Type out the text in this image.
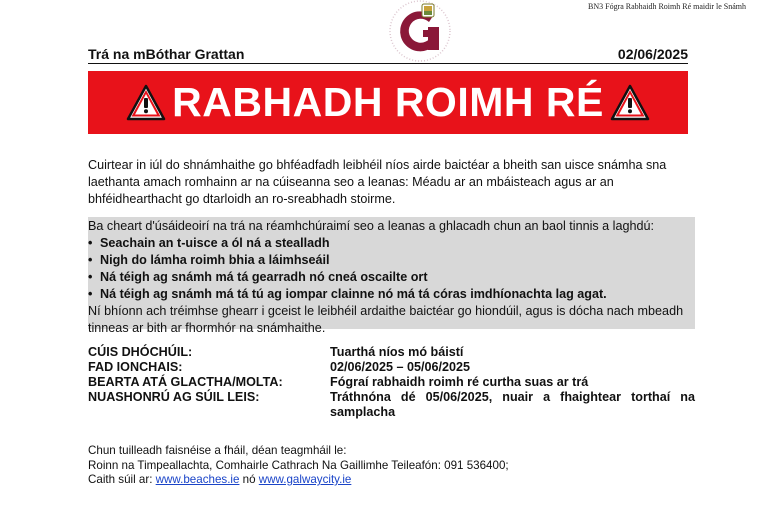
BN3 Fógra Rabhaidh Roimh Ré maidir le Snámh
Trá na mBóthar Grattan	02/06/2025
RABHADH ROIMH RÉ
Cuirtear in iúl do shnámhaithe go bhféadfadh leibhéil níos airde baictéar a bheith san uisce snámha sna laethanta amach romhainn ar na cúiseanna seo a leanas: Méadu ar an mbáisteach agus ar an bhféidhearthacht go dtarloidh an ro-sreabhadh stoirme.

Ba cheart d'úsáideoirí na trá na réamhchúraimí seo a leanas a ghlacadh chun an baol tinnis a laghdú:

• Seachain an t-uisce a ól ná a stealladh
• Nigh do lámha roimh bhia a láimhseáil
• Ná téigh ag snámh má tá gearradh nó cneá oscailte ort
• Ná téigh ag snámh má tá tú ag iompar clainne nó má tá córas imdhíonachta lag agat.

Ní bhíonn ach tréimhse ghearr i gceist le leibhéil ardaithe baictéar go hiondúil, agus is dócha nach mbeadh tinneas ar bith ar fhormhór na snámhaithe.

CÚIS DHÓCHÚIL:	Tuarthá níos mó báistí
FAD IONCHAIS:	02/06/2025 – 05/06/2025
BEARTA ATÁ GLACTHA/MOLTA:	Fógraí rabhaidh roimh ré curtha suas ar trá
NUASHONRÚ AG SÚIL LEIS:	Tráthnóna dé 05/06/2025, nuair a fhaightear torthaí na samplacha
Chun tuilleadh faisnéise a fháil, déan teagmháil le:
Roinn na Timpeallachta, Comhairle Cathrach Na Gaillimhe Teileafón: 091 536400;
Caith súil ar: www.beaches.ie nó www.galwaycity.ie
